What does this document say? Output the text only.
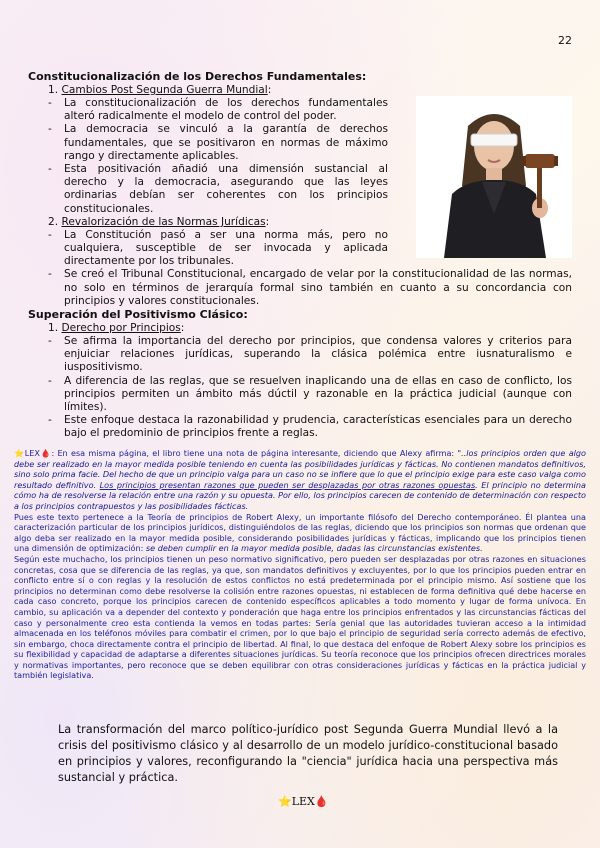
22
Constitucionalización de los Derechos Fundamentales:
1. Cambios Post Segunda Guerra Mundial:
-	La constitucionalización de los derechos fundamentales alteró radicalmente el modelo de control del poder.
-	La democracia se vinculó a la garantía de derechos fundamentales, que se positivaron en normas de máximo rango y directamente aplicables.
-	Esta positivación añadió una dimensión sustancial al derecho y la democracia, asegurando que las leyes ordinarias debían ser coherentes con los principios constitucionales.
2. Revalorización de las Normas Jurídicas:
-	La Constitución pasó a ser una norma más, pero no cualquiera, susceptible de ser invocada y aplicada directamente por los tribunales.
-	Se creó el Tribunal Constitucional, encargado de velar por la constitucionalidad de las normas, no solo en términos de jerarquía formal sino también en cuanto a su concordancia con principios y valores constitucionales.
Superación del Positivismo Clásico:
1. Derecho por Principios:
-	Se afirma la importancia del derecho por principios, que condensa valores y criterios para enjuiciar relaciones jurídicas, superando la clásica polémica entre iusnaturalismo e iuspositivismo.
-	A diferencia de las reglas, que se resuelven inaplicando una de ellas en caso de conflicto, los principios permiten un ámbito más dúctil y razonable en la práctica judicial (aunque con límites).
-	Este enfoque destaca la razonabilidad y prudencia, características esenciales para un derecho bajo el predominio de principios frente a reglas.
⭐LEX🩸: En esa misma página, el libro tiene una nota de página interesante, diciendo que Alexy afirma: "..los principios orden que algo debe ser realizado en la mayor medida posible teniendo en cuenta las posibilidades jurídicas y fácticas. No contienen mandatos definitivos, sino solo prima facie. Del hecho de que un principio valga para un caso no se infiere que lo que el principio exige para este caso valga como resultado definitivo. Los principios presentan razones que pueden ser desplazadas por otras razones opuestas. El principio no determina cómo ha de resolverse la relación entre una razón y su opuesta. Por ello, los principios carecen de contenido de determinación con respecto a los principios contrapuestos y las posibilidades fácticas.
Pues este texto pertenece a la Teoría de principios de Robert Alexy, un importante filósofo del Derecho contemporáneo. Él plantea una caracterización particular de los principios jurídicos, distinguiéndolos de las reglas, diciendo que los principios son normas que ordenan que algo deba ser realizado en la mayor medida posible, considerando posibilidades jurídicas y fácticas, implicando que los principios tienen una dimensión de optimización: se deben cumplir en la mayor medida posible, dadas las circunstancias existentes.
Según este muchacho, los principios tienen un peso normativo significativo, pero pueden ser desplazadas por otras razones en situaciones concretas, cosa que se diferencia de las reglas, ya que, son mandatos definitivos y excluyentes, por lo que los principios pueden entrar en conflicto entre sí o con reglas y la resolución de estos conflictos no está predeterminada por el principio mismo. Así sostiene que los principios no determinan como debe resolverse la colisión entre razones opuestas, ni establecen de forma definitiva qué debe hacerse en cada caso concreto, porque los principios carecen de contenido específicos aplicables a todo momento y lugar de forma unívoca. En cambio, su aplicación va a depender del contexto y ponderación que haga entre los principios enfrentados y las circunstancias fácticas del caso y personalmente creo esta contienda la vemos en todas partes: Sería genial que las autoridades tuvieran acceso a la intimidad almacenada en los teléfonos móviles para combatir el crimen, por lo que bajo el principio de seguridad sería correcto además de efectivo, sin embargo, choca directamente contra el principio de libertad. Al final, lo que destaca del enfoque de Robert Alexy sobre los principios es su flexibilidad y capacidad de adaptarse a diferentes situaciones jurídicas. Su teoría reconoce que los principios ofrecen directrices morales y normativas importantes, pero reconoce que se deben equilibrar con otras consideraciones jurídicas y fácticas en la práctica judicial y también legislativa.
La transformación del marco político-jurídico post Segunda Guerra Mundial llevó a la crisis del positivismo clásico y al desarrollo de un modelo jurídico-constitucional basado en principios y valores, reconfigurando la "ciencia" jurídica hacia una perspectiva más sustancial y práctica.
⭐LEX🩸
